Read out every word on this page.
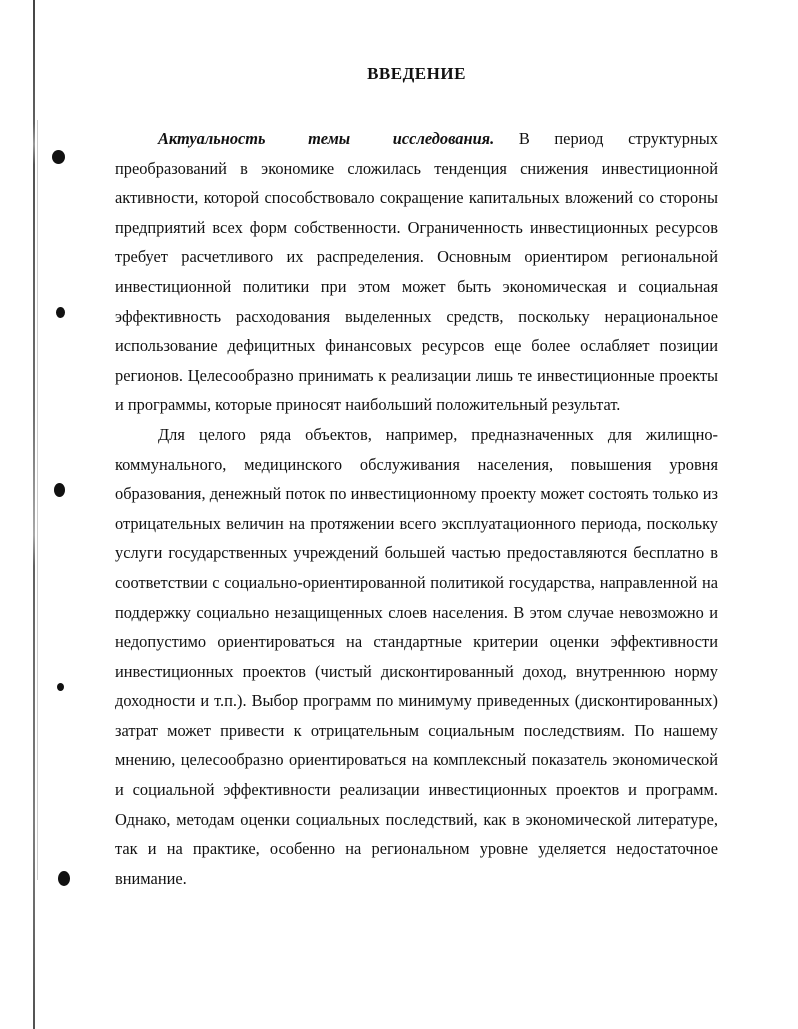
ВВЕДЕНИЕ

Актуальность темы исследования. В период структурных преобразований в экономике сложилась тенденция снижения инвестиционной активности, которой способствовало сокращение капитальных вложений со стороны предприятий всех форм собственности. Ограниченность инвестиционных ресурсов требует расчетливого их распределения. Основным ориентиром региональной инвестиционной политики при этом может быть экономическая и социальная эффективность расходования выделенных средств, поскольку нерациональное использование дефицитных финансовых ресурсов еще более ослабляет позиции регионов. Целесообразно принимать к реализации лишь те инвестиционные проекты и программы, которые приносят наибольший положительный результат.

Для целого ряда объектов, например, предназначенных для жилищно-коммунального, медицинского обслуживания населения, повышения уровня образования, денежный поток по инвестиционному проекту может состоять только из отрицательных величин на протяжении всего эксплуатационного периода, поскольку услуги государственных учреждений большей частью предоставляются бесплатно в соответствии с социально-ориентированной политикой государства, направленной на поддержку социально незащищенных слоев населения. В этом случае невозможно и недопустимо ориентироваться на стандартные критерии оценки эффективности инвестиционных проектов (чистый дисконтированный доход, внутреннюю норму доходности и т.п.). Выбор программ по минимуму приведенных (дисконтированных) затрат может привести к отрицательным социальным последствиям. По нашему мнению, целесообразно ориентироваться на комплексный показатель экономической и социальной эффективности реализации инвестиционных проектов и программ. Однако, методам оценки социальных последствий, как в экономической литературе, так и на практике, особенно на региональном уровне уделяется недостаточное внимание.
